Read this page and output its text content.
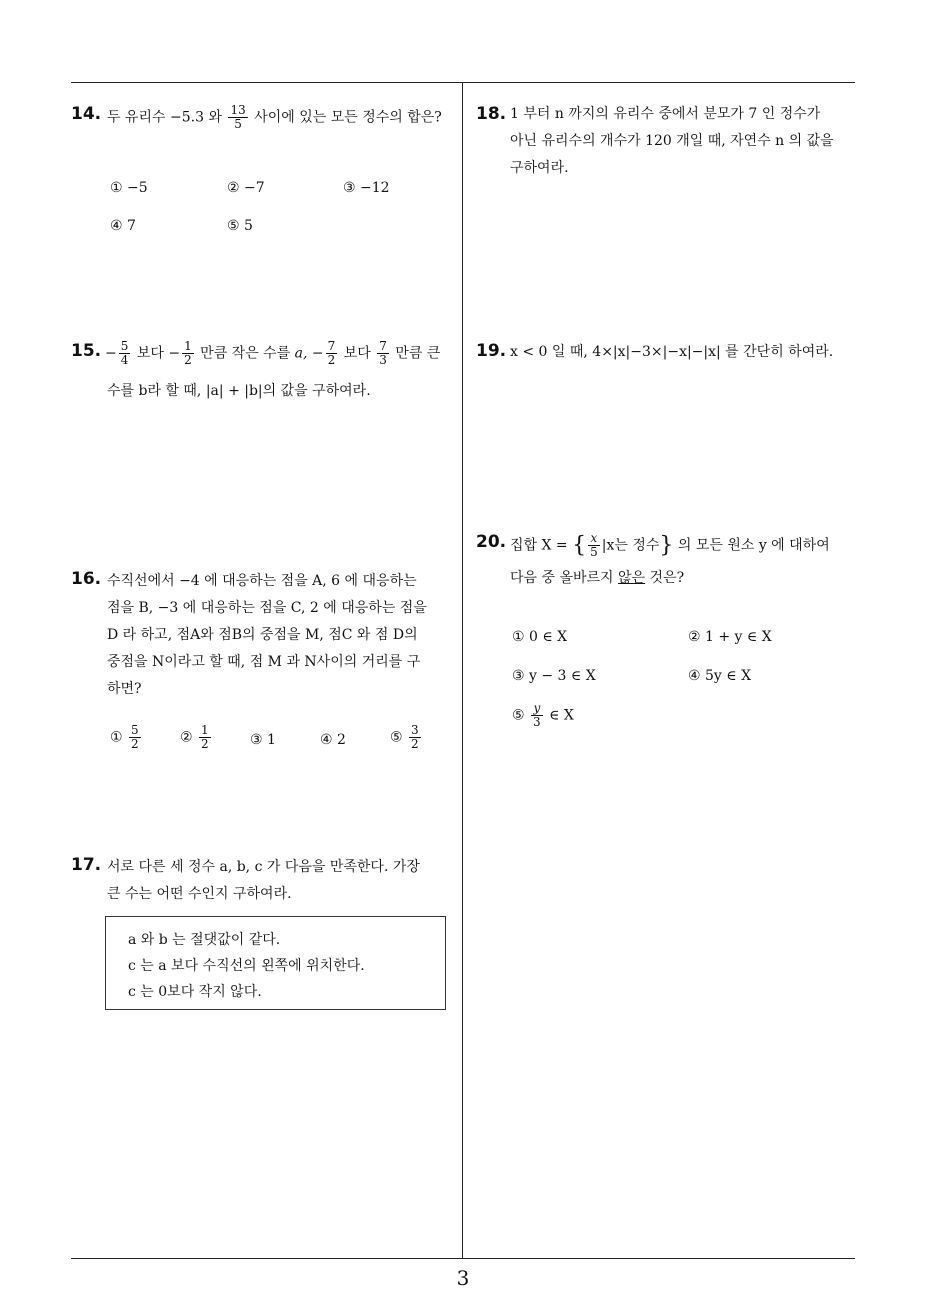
14. 두 유리수 −5.3 와 $\frac{13}{5}$ 사이에 있는 모든 정수의 합은?
① −5	② −7	③ −12
④ 7	⑤ 5
15. − $\frac{5}{4}$ 보다 − $\frac{1}{2}$ 만큼 작은 수를 a, − $\frac{7}{2}$ 보다 $\frac{7}{3}$ 만큼 큰
수를 b라 할 때, |a| + |b|의 값을 구하여라.
16. 수직선에서 −4 에 대응하는 점을 A, 6 에 대응하는
점을 B, −3 에 대응하는 점을 C, 2 에 대응하는 점을
D 라 하고, 점A와 점B의 중점을 M, 점C 와 점 D의
중점을 N이라고 할 때, 점 M 과 N사이의 거리를 구
하면?
① $\frac{5}{2}$	② $\frac{1}{2}$	③ 1	④ 2	⑤ $\frac{3}{2}$
17. 서로 다른 세 정수 a, b, c 가 다음을 만족한다. 가장
큰 수는 어떤 수인지 구하여라.
a 와 b 는 절댓값이 같다.
c 는 a 보다 수직선의 왼쪽에 위치한다.
c 는 0보다 작지 않다.
18. 1 부터 n 까지의 유리수 중에서 분모가 7 인 정수가
아닌 유리수의 개수가 120 개일 때, 자연수 n 의 값을
구하여라.
19. x < 0 일 때, 4×|x|−3×|−x|−|x| 를 간단히 하여라.
20. 집합 X = { $\frac{x}{5} |x$는 정수} 의 모든 원소 y 에 대하여
다음 중 올바르지 않은 것은?
① 0 ∈ X	② 1 + y ∈ X
③ y − 3 ∈ X	④ 5y ∈ X
⑤ $\frac{y}{3}$ ∈ X
3
